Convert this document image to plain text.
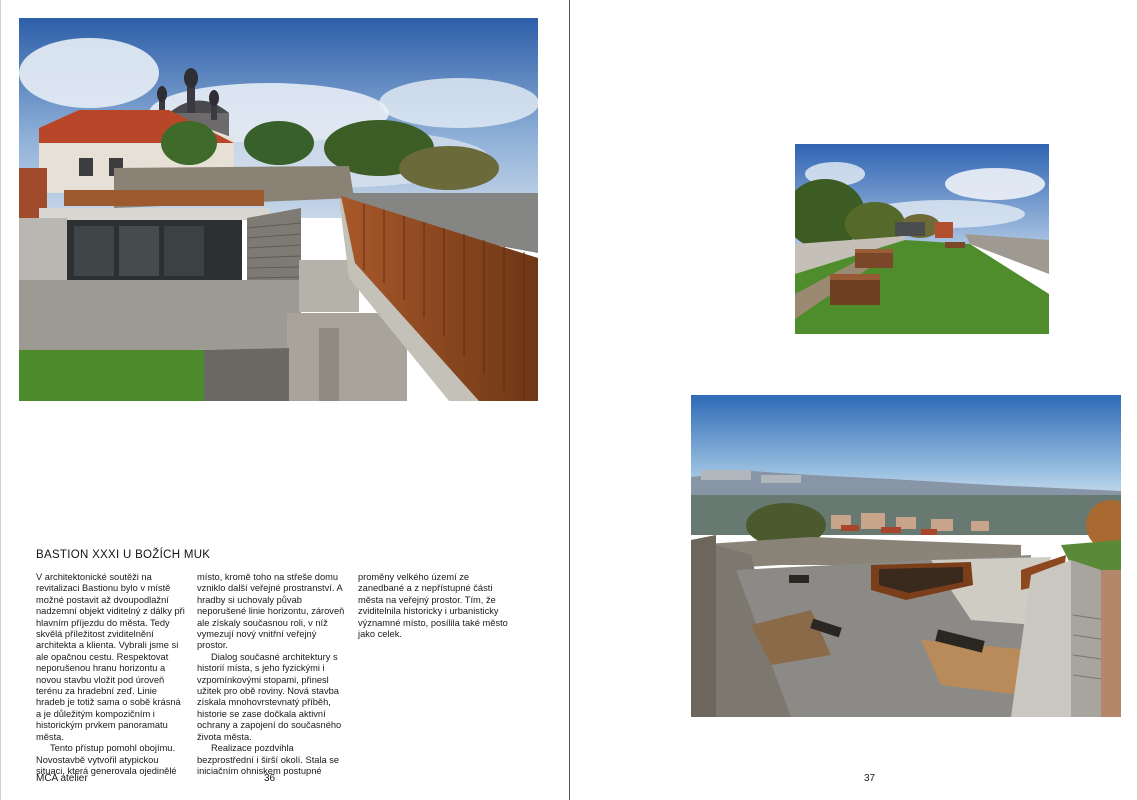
BASTION XXXI U BOŽÍCH MUK

V architektonické soutěži na revitalizaci Bastionu bylo v místě možné postavit až dvoupodlažní nadzemní objekt viditelný z dálky při hlavním příjezdu do města. Tedy skvělá příležitost zviditelnění architekta a klienta. Vybrali jsme si ale opačnou cestu. Respektovat neporušenou hranu horizontu a novou stavbu vložit pod úroveň terénu za hradební zeď. Linie hradeb je totiž sama o sobě krásná a je důležitým kompozičním i historickým prvkem panoramatu města.

Tento přístup pomohl obojímu. Novostavbě vytvořil atypickou situaci, která generovala ojedinělé

místo, kromě toho na střeše domu vzniklo další veřejné prostranství. A hradby si uchovaly půvab neporušené linie horizontu, zároveň ale získaly současnou roli, v níž vymezují nový vnitřní veřejný prostor.

Dialog současné architektury s historií místa, s jeho fyzickými i vzpomínkovými stopami, přinesl užitek pro obě roviny. Nová stavba získala mnohovrstevnatý příběh, historie se zase dočkala aktivní ochrany a zapojení do současného života města.

Realizace pozdvihla bezprostřední i širší okolí. Stala se iniciačním ohniskem postupné

proměny velkého území ze zanedbané a z nepřístupné části města na veřejný prostor. Tím, že zviditelnila historicky i urbanisticky významné místo, posílila také město jako celek.

MCA atelier	36	37
